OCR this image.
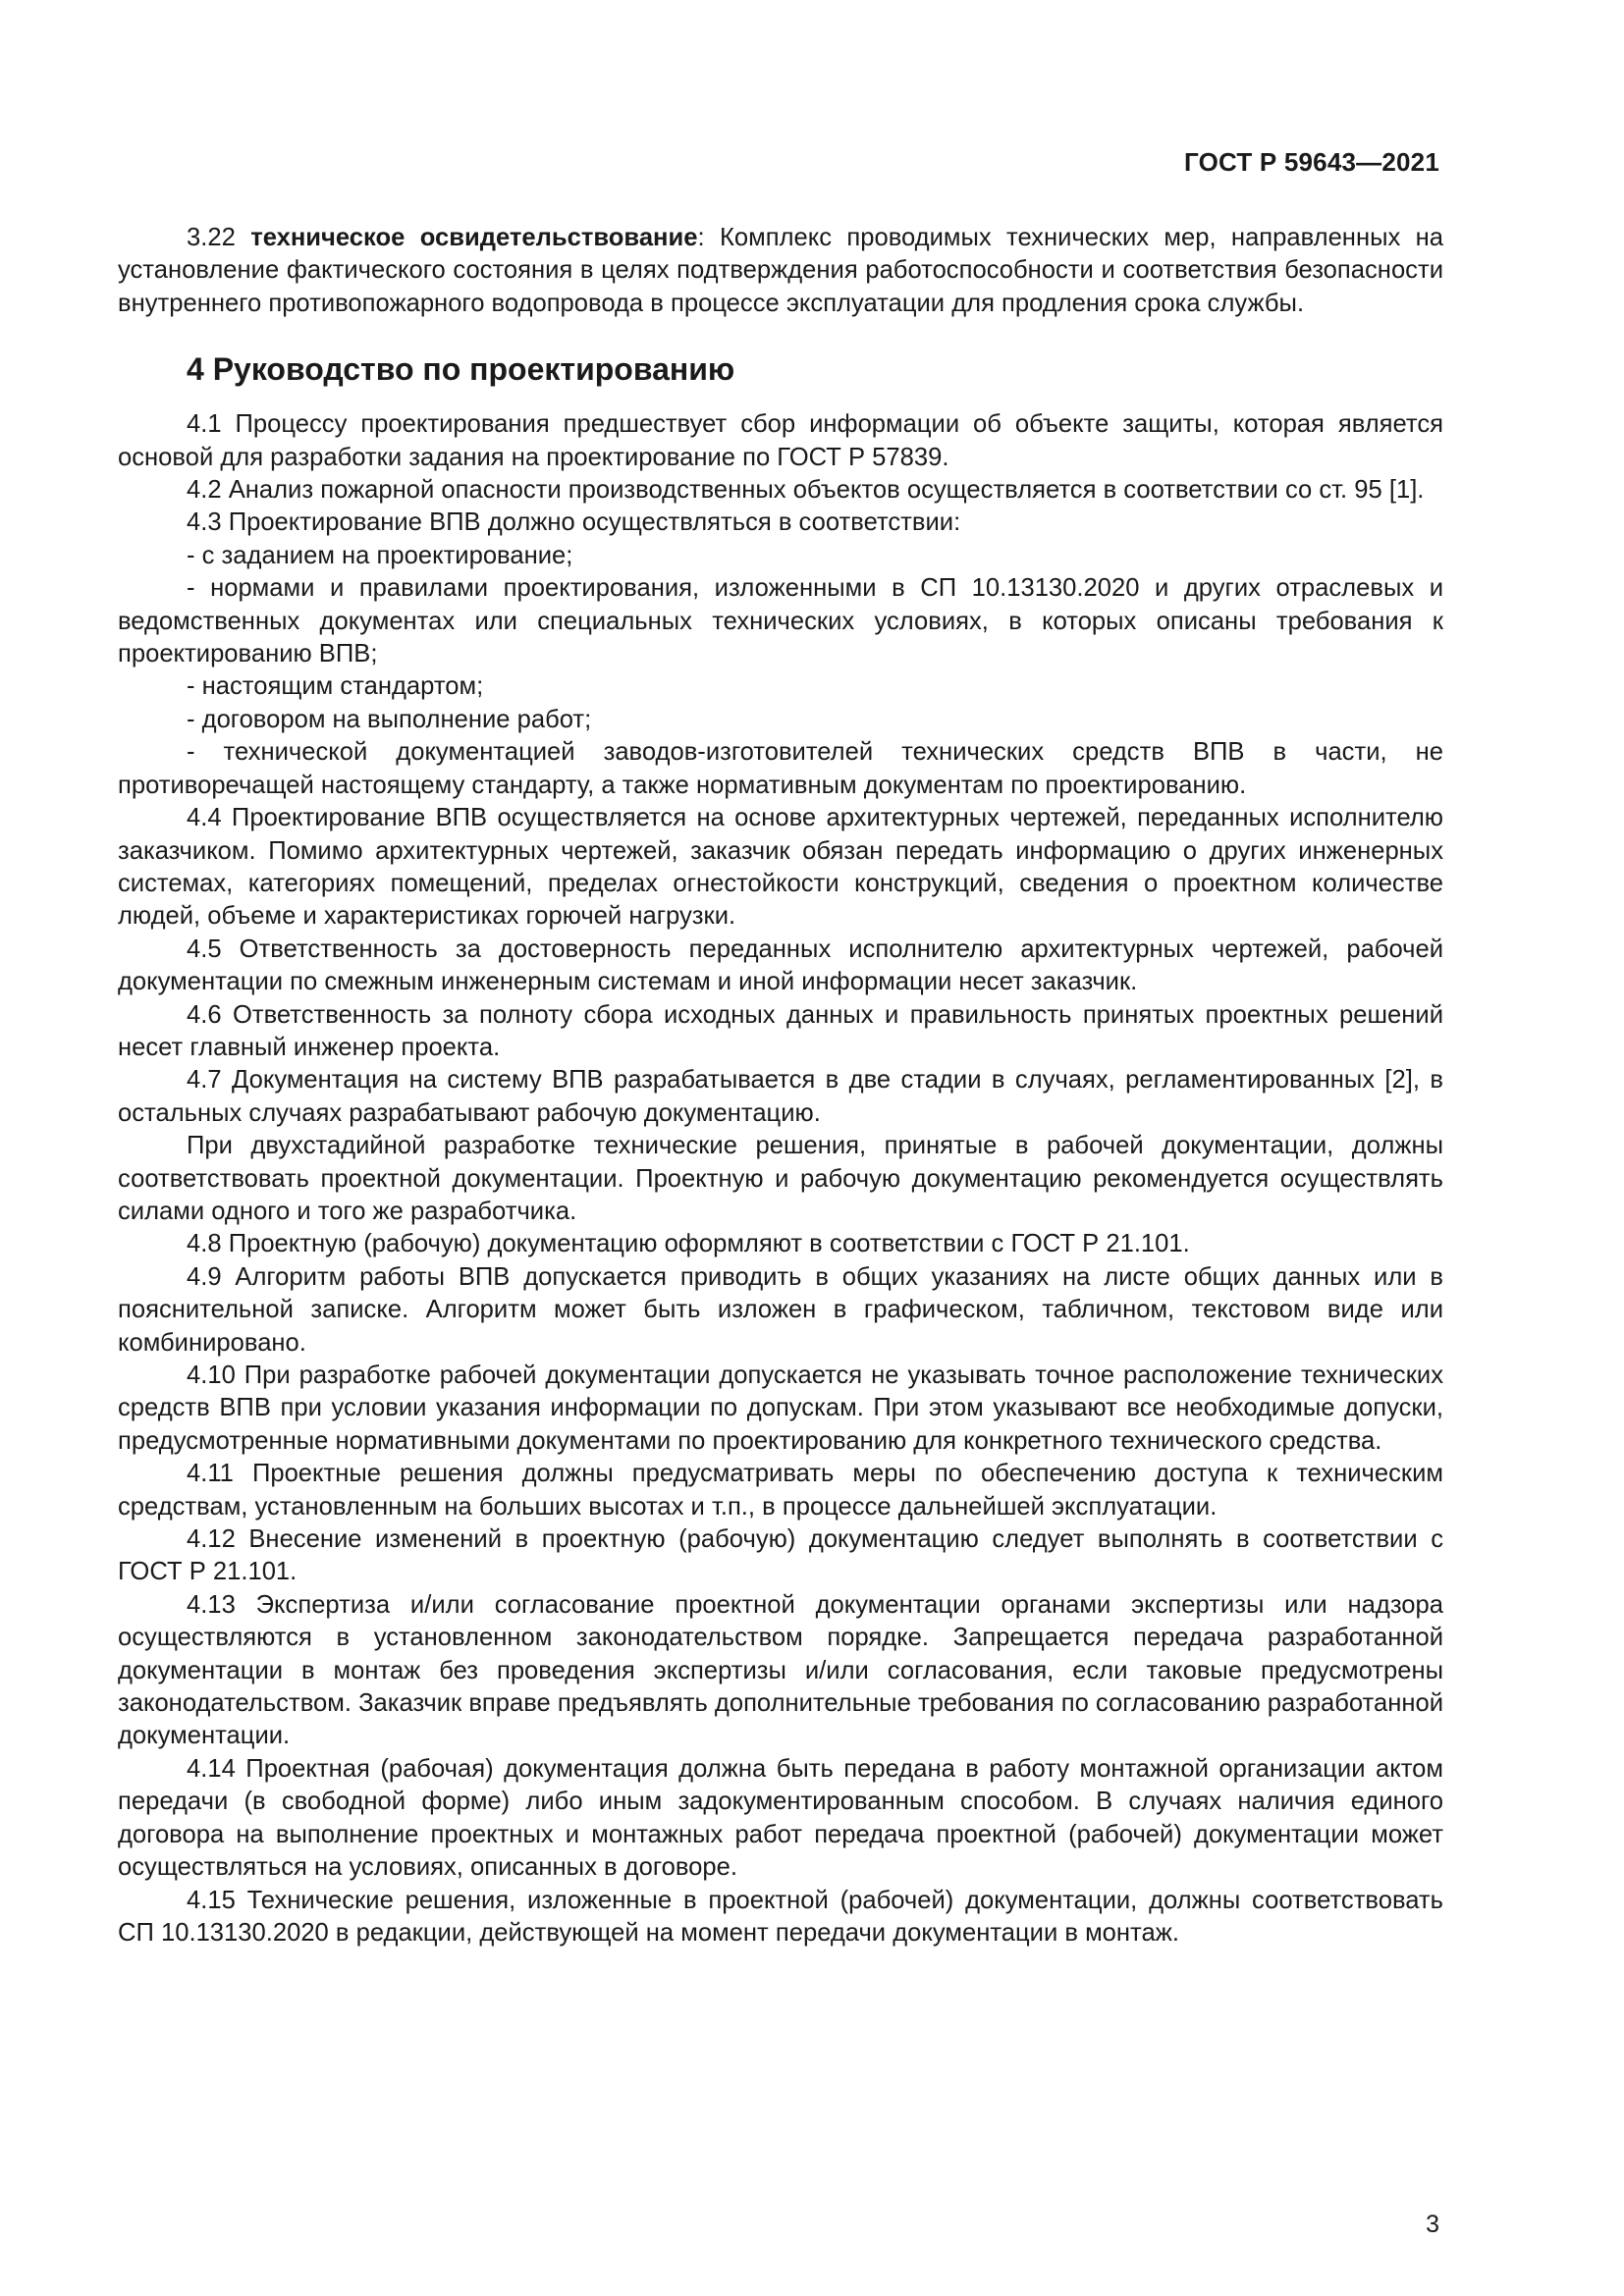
ГОСТ Р 59643—2021

3.22 техническое освидетельствование: Комплекс проводимых технических мер, направленных на установление фактического состояния в целях подтверждения работоспособности и соответствия безопасности внутреннего противопожарного водопровода в процессе эксплуатации для продления срока службы.

4 Руководство по проектированию

4.1 Процессу проектирования предшествует сбор информации об объекте защиты, которая является основой для разработки задания на проектирование по ГОСТ Р 57839.

4.2 Анализ пожарной опасности производственных объектов осуществляется в соответствии со ст. 95 [1].

4.3 Проектирование ВПВ должно осуществляться в соответствии:

- с заданием на проектирование;

- нормами и правилами проектирования, изложенными в СП 10.13130.2020 и других отраслевых и ведомственных документах или специальных технических условиях, в которых описаны требования к проектированию ВПВ;

- настоящим стандартом;

- договором на выполнение работ;

- технической документацией заводов-изготовителей технических средств ВПВ в части, не противоречащей настоящему стандарту, а также нормативным документам по проектированию.

4.4 Проектирование ВПВ осуществляется на основе архитектурных чертежей, переданных исполнителю заказчиком. Помимо архитектурных чертежей, заказчик обязан передать информацию о других инженерных системах, категориях помещений, пределах огнестойкости конструкций, сведения о проектном количестве людей, объеме и характеристиках горючей нагрузки.

4.5 Ответственность за достоверность переданных исполнителю архитектурных чертежей, рабочей документации по смежным инженерным системам и иной информации несет заказчик.

4.6 Ответственность за полноту сбора исходных данных и правильность принятых проектных решений несет главный инженер проекта.

4.7 Документация на систему ВПВ разрабатывается в две стадии в случаях, регламентированных [2], в остальных случаях разрабатывают рабочую документацию.

При двухстадийной разработке технические решения, принятые в рабочей документации, должны соответствовать проектной документации. Проектную и рабочую документацию рекомендуется осуществлять силами одного и того же разработчика.

4.8 Проектную (рабочую) документацию оформляют в соответствии с ГОСТ Р 21.101.

4.9 Алгоритм работы ВПВ допускается приводить в общих указаниях на листе общих данных или в пояснительной записке. Алгоритм может быть изложен в графическом, табличном, текстовом виде или комбинировано.

4.10 При разработке рабочей документации допускается не указывать точное расположение технических средств ВПВ при условии указания информации по допускам. При этом указывают все необходимые допуски, предусмотренные нормативными документами по проектированию для конкретного технического средства.

4.11 Проектные решения должны предусматривать меры по обеспечению доступа к техническим средствам, установленным на больших высотах и т.п., в процессе дальнейшей эксплуатации.

4.12 Внесение изменений в проектную (рабочую) документацию следует выполнять в соответствии с ГОСТ Р 21.101.

4.13 Экспертиза и/или согласование проектной документации органами экспертизы или надзора осуществляются в установленном законодательством порядке. Запрещается передача разработанной документации в монтаж без проведения экспертизы и/или согласования, если таковые предусмотрены законодательством. Заказчик вправе предъявлять дополнительные требования по согласованию разработанной документации.

4.14 Проектная (рабочая) документация должна быть передана в работу монтажной организации актом передачи (в свободной форме) либо иным задокументированным способом. В случаях наличия единого договора на выполнение проектных и монтажных работ передача проектной (рабочей) документации может осуществляться на условиях, описанных в договоре.

4.15 Технические решения, изложенные в проектной (рабочей) документации, должны соответствовать СП 10.13130.2020 в редакции, действующей на момент передачи документации в монтаж.

3
